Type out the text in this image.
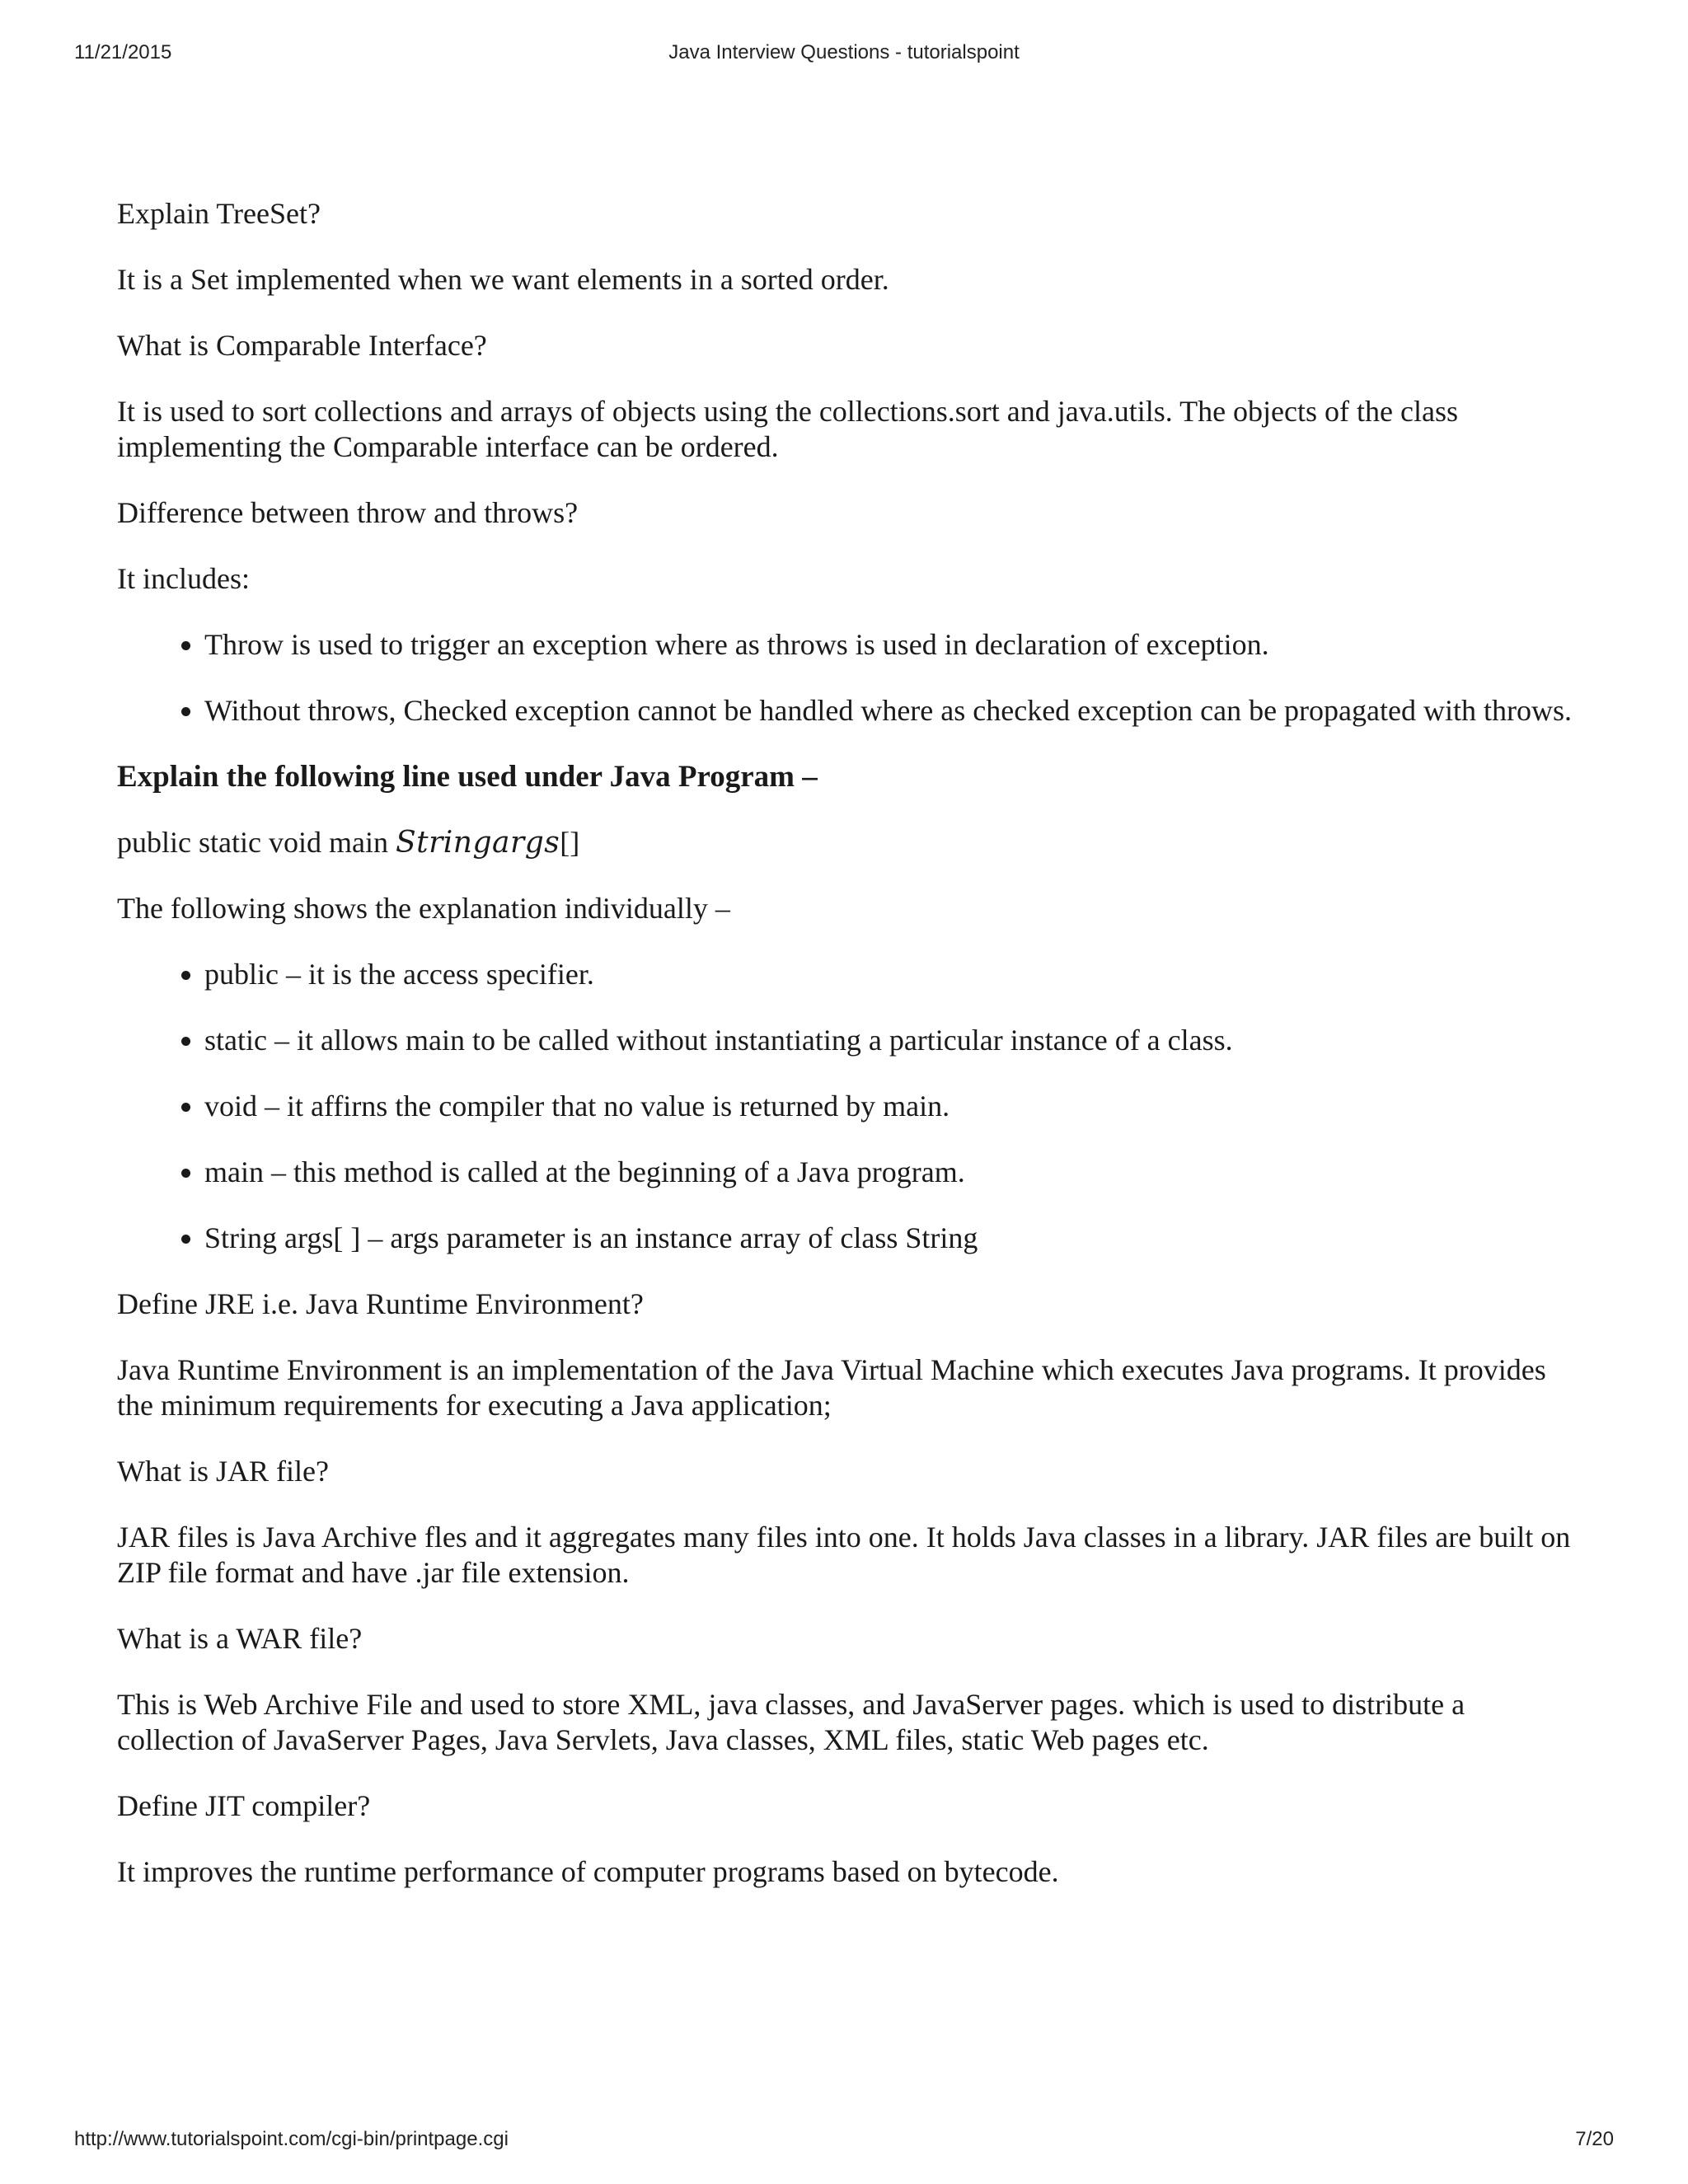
11/21/2015	Java Interview Questions - tutorialspoint

Explain TreeSet?

It is a Set implemented when we want elements in a sorted order.

What is Comparable Interface?

It is used to sort collections and arrays of objects using the collections.sort and java.utils. The objects of the class implementing the Comparable interface can be ordered.

Difference between throw and throws?

It includes:

• Throw is used to trigger an exception where as throws is used in declaration of exception.
• Without throws, Checked exception cannot be handled where as checked exception can be propagated with throws.
Explain the following line used under Java Program –

public static void main Stringargs[]

The following shows the explanation individually –

• public – it is the access specifier.
• static – it allows main to be called without instantiating a particular instance of a class.
• void – it affirns the compiler that no value is returned by main.
• main – this method is called at the beginning of a Java program.
• String args[ ] – args parameter is an instance array of class String

Define JRE i.e. Java Runtime Environment?

Java Runtime Environment is an implementation of the Java Virtual Machine which executes Java programs. It provides the minimum requirements for executing a Java application;

What is JAR file?

JAR files is Java Archive fles and it aggregates many files into one. It holds Java classes in a library. JAR files are built on ZIP file format and have .jar file extension.

What is a WAR file?

This is Web Archive File and used to store XML, java classes, and JavaServer pages. which is used to distribute a collection of JavaServer Pages, Java Servlets, Java classes, XML files, static Web pages etc.

Define JIT compiler?

It improves the runtime performance of computer programs based on bytecode.

http://www.tutorialspoint.com/cgi-bin/printpage.cgi	7/20
